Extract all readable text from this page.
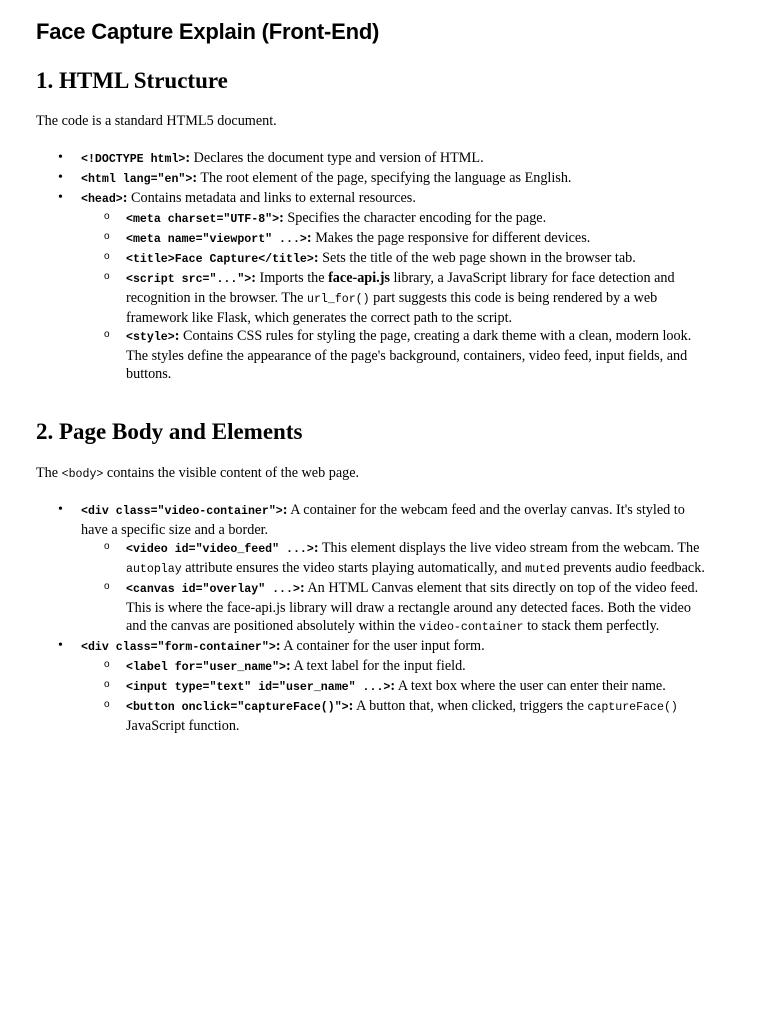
Face Capture Explain (Front-End)
1. HTML Structure

The code is a standard HTML5 document.

• <!DOCTYPE html>: Declares the document type and version of HTML.
• <html lang="en">: The root element of the page, specifying the language as English.
• <head>: Contains metadata and links to external resources.
o <meta charset="UTF-8">: Specifies the character encoding for the page.
o <meta name="viewport" ...>: Makes the page responsive for different devices.
o <title>Face Capture</title>: Sets the title of the web page shown in the browser tab.
o <script src="...">: Imports the face-api.js library, a JavaScript library for face detection and recognition in the browser. The url_for() part suggests this code is being rendered by a web framework like Flask, which generates the correct path to the script.
o <style>: Contains CSS rules for styling the page, creating a dark theme with a clean, modern look. The styles define the appearance of the page's background, containers, video feed, input fields, and buttons.
2. Page Body and Elements

The <body> contains the visible content of the web page.

• <div class="video-container">: A container for the webcam feed and the overlay canvas. It's styled to have a specific size and a border.
o <video id="video_feed" ...>: This element displays the live video stream from the webcam. The autoplay attribute ensures the video starts playing automatically, and muted prevents audio feedback.
o <canvas id="overlay" ...>: An HTML Canvas element that sits directly on top of the video feed. This is where the face-api.js library will draw a rectangle around any detected faces. Both the video and the canvas are positioned absolutely within the video-container to stack them perfectly.
• <div class="form-container">: A container for the user input form.
o <label for="user_name">: A text label for the input field.
o <input type="text" id="user_name" ...>: A text box where the user can enter their name.
o <button onclick="captureFace()">: A button that, when clicked, triggers the captureFace() JavaScript function.
